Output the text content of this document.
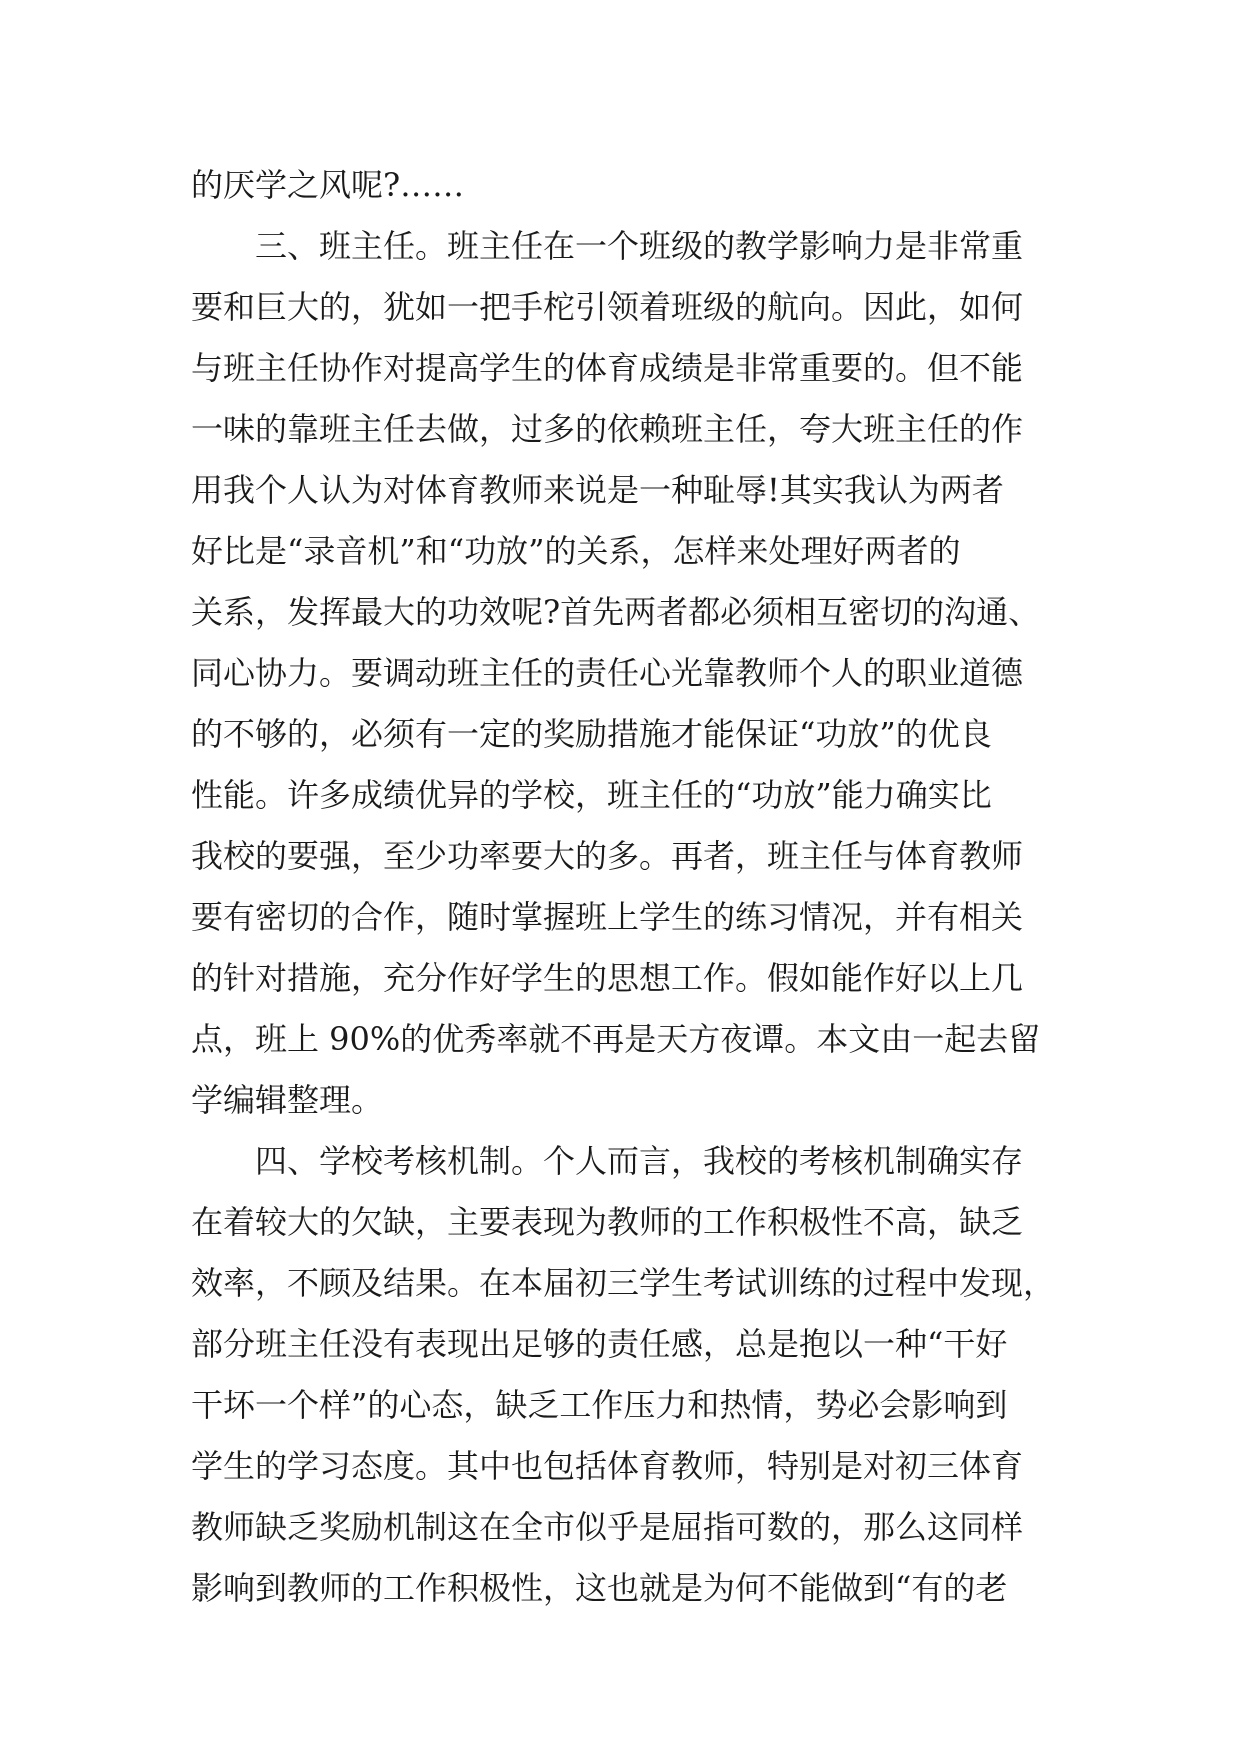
的厌学之风呢?……

三、班主任。班主任在一个班级的教学影响力是非常重
要和巨大的，犹如一把手柁引领着班级的航向。因此，如何
与班主任协作对提高学生的体育成绩是非常重要的。但不能
一味的靠班主任去做，过多的依赖班主任，夸大班主任的作
用我个人认为对体育教师来说是一种耻辱!其实我认为两者
好比是“录音机”和“功放”的关系，怎样来处理好两者的
关系，发挥最大的功效呢?首先两者都必须相互密切的沟通、
同心协力。要调动班主任的责任心光靠教师个人的职业道德
的不够的，必须有一定的奖励措施才能保证“功放”的优良
性能。许多成绩优异的学校，班主任的“功放”能力确实比
我校的要强，至少功率要大的多。再者，班主任与体育教师
要有密切的合作，随时掌握班上学生的练习情况，并有相关
的针对措施，充分作好学生的思想工作。假如能作好以上几
点，班上 90%的优秀率就不再是天方夜谭。本文由一起去留
学编辑整理。

四、学校考核机制。个人而言，我校的考核机制确实存
在着较大的欠缺，主要表现为教师的工作积极性不高，缺乏
效率，不顾及结果。在本届初三学生考试训练的过程中发现，
部分班主任没有表现出足够的责任感，总是抱以一种“干好
干坏一个样”的心态，缺乏工作压力和热情，势必会影响到
学生的学习态度。其中也包括体育教师，特别是对初三体育
教师缺乏奖励机制这在全市似乎是屈指可数的，那么这同样
影响到教师的工作积极性，这也就是为何不能做到“有的老
